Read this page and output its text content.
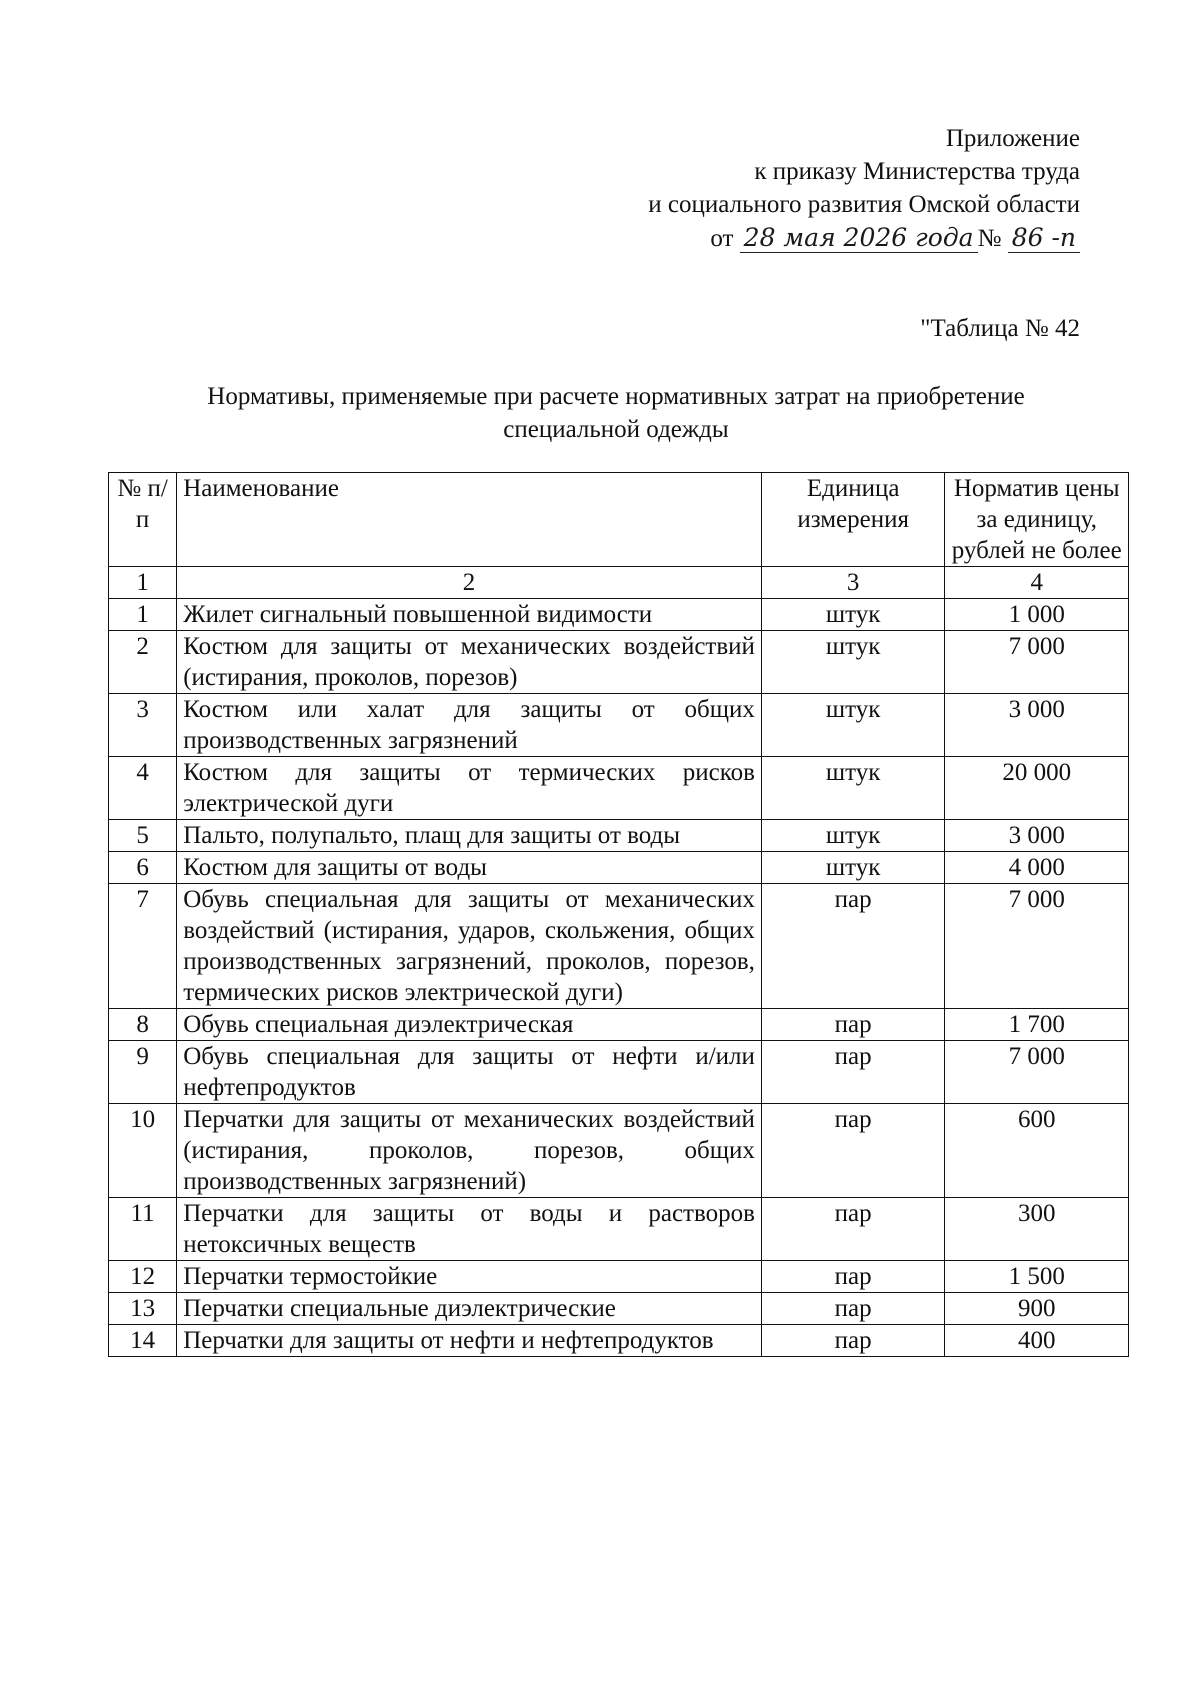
Приложение
к приказу Министерства труда
и социального развития Омской области
от 28 мая 2026 года № 86 -п
"Таблица № 42
Нормативы, применяемые при расчете нормативных затрат на приобретение
специальной одежды
№ п/п	Наименование	Единица измерения	Норматив цены за единицу, рублей не более
1	2	3	4
1	Жилет сигнальный повышенной видимости	штук	1 000
2	Костюм для защиты от механических воздействий (истирания, проколов, порезов)	штук	7 000
3	Костюм или халат для защиты от общих производственных загрязнений	штук	3 000
4	Костюм для защиты от термических рисков электрической дуги	штук	20 000
5	Пальто, полупальто, плащ для защиты от воды	штук	3 000
6	Костюм для защиты от воды	штук	4 000
7	Обувь специальная для защиты от механических воздействий (истирания, ударов, скольжения, общих производственных загрязнений, проколов, порезов, термических рисков электрической дуги)	пар	7 000
8	Обувь специальная диэлектрическая	пар	1 700
9	Обувь специальная для защиты от нефти и/или нефтепродуктов	пар	7 000
10	Перчатки для защиты от механических воздействий (истирания, проколов, порезов, общих производственных загрязнений)	пар	600
11	Перчатки для защиты от воды и растворов нетоксичных веществ	пар	300
12	Перчатки термостойкие	пар	1 500
13	Перчатки специальные диэлектрические	пар	900
14	Перчатки для защиты от нефти и нефтепродуктов	пар	400
